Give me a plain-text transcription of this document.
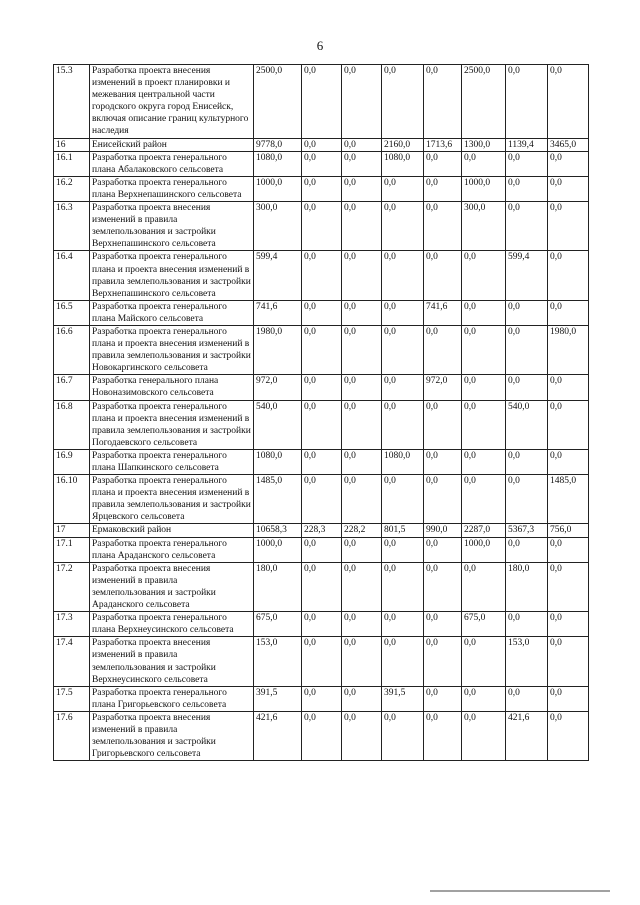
6
15.3	Разработка проекта внесения изменений в проект планировки и межевания центральной части городского округа город Енисейск, включая описание границ культурного наследия	2500,0	0,0	0,0	0,0	0,0	2500,0	0,0	0,0
16	Енисейский район	9778,0	0,0	0,0	2160,0	1713,6	1300,0	1139,4	3465,0
16.1	Разработка проекта генерального плана Абалаковского сельсовета	1080,0	0,0	0,0	1080,0	0,0	0,0	0,0	0,0
16.2	Разработка проекта генерального плана Верхнепашинского сельсовета	1000,0	0,0	0,0	0,0	0,0	1000,0	0,0	0,0
16.3	Разработка проекта внесения изменений в правила землепользования и застройки Верхнепашинского сельсовета	300,0	0,0	0,0	0,0	0,0	300,0	0,0	0,0
16.4	Разработка проекта генерального плана и проекта внесения изменений в правила землепользования и застройки Верхнепашинского сельсовета	599,4	0,0	0,0	0,0	0,0	0,0	599,4	0,0
16.5	Разработка проекта генерального плана Майского сельсовета	741,6	0,0	0,0	0,0	741,6	0,0	0,0	0,0
16.6	Разработка проекта генерального плана и проекта внесения изменений в правила землепользования и застройки Новокаргинского сельсовета	1980,0	0,0	0,0	0,0	0,0	0,0	0,0	1980,0
16.7	Разработка генерального плана Новоназимовского сельсовета	972,0	0,0	0,0	0,0	972,0	0,0	0,0	0,0
16.8	Разработка проекта генерального плана и проекта внесения изменений в правила землепользования и застройки Погодаевского сельсовета	540,0	0,0	0,0	0,0	0,0	0,0	540,0	0,0
16.9	Разработка проекта генерального плана Шапкинского сельсовета	1080,0	0,0	0,0	1080,0	0,0	0,0	0,0	0,0
16.10	Разработка проекта генерального плана и проекта внесения изменений в правила землепользования и застройки Ярцевского сельсовета	1485,0	0,0	0,0	0,0	0,0	0,0	0,0	1485,0
17	Ермаковский район	10658,3	228,3	228,2	801,5	990,0	2287,0	5367,3	756,0
17.1	Разработка проекта генерального плана Араданского сельсовета	1000,0	0,0	0,0	0,0	0,0	1000,0	0,0	0,0
17.2	Разработка проекта внесения изменений в правила землепользования и застройки Араданского сельсовета	180,0	0,0	0,0	0,0	0,0	0,0	180,0	0,0
17.3	Разработка проекта генерального плана Верхнеусинского сельсовета	675,0	0,0	0,0	0,0	0,0	675,0	0,0	0,0
17.4	Разработка проекта внесения изменений в правила землепользования и застройки Верхнеусинского сельсовета	153,0	0,0	0,0	0,0	0,0	0,0	153,0	0,0
17.5	Разработка проекта генерального плана Григорьевского сельсовета	391,5	0,0	0,0	391,5	0,0	0,0	0,0	0,0
17.6	Разработка проекта внесения изменений в правила землепользования и застройки Григорьевского сельсовета	421,6	0,0	0,0	0,0	0,0	0,0	421,6	0,0
